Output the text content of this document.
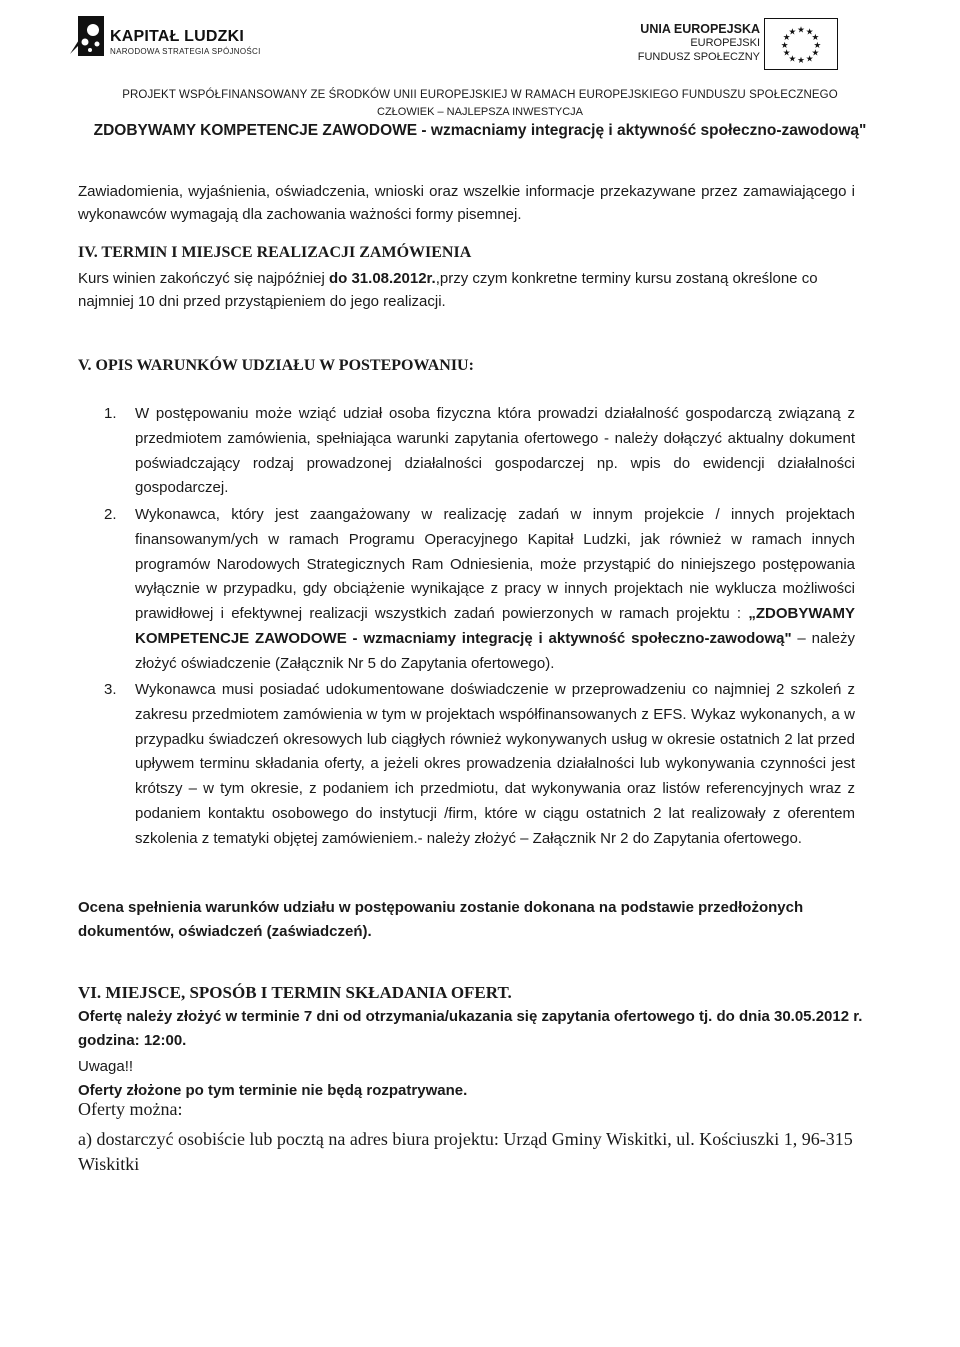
KAPITAŁ LUDZKI
NARODOWA STRATEGIA SPÓJNOŚCI
UNIA EUROPEJSKA
EUROPEJSKI
FUNDUSZ SPOŁECZNY
★ ★
★
★
★
★
★
★
★
★
★
★
PROJEKT WSPÓŁFINANSOWANY ZE ŚRODKÓW UNII EUROPEJSKIEJ W RAMACH EUROPEJSKIEGO FUNDUSZU SPOŁECZNEGO
CZŁOWIEK – NAJLEPSZA INWESTYCJA
ZDOBYWAMY KOMPETENCJE ZAWODOWE - wzmacniamy integrację i aktywność społeczno-zawodową"
Zawiadomienia, wyjaśnienia, oświadczenia, wnioski oraz wszelkie informacje przekazywane przez zamawiającego i wykonawców wymagają dla zachowania ważności formy pisemnej.
IV. TERMIN I MIEJSCE REALIZACJI ZAMÓWIENIA
Kurs winien zakończyć się najpóźniej do 31.08.2012r.,przy czym konkretne terminy kursu zostaną określone co najmniej 10 dni przed przystąpieniem do jego realizacji.
V. OPIS WARUNKÓW UDZIAŁU W POSTEPOWANIU:
1. W postępowaniu może wziąć udział osoba fizyczna która prowadzi działalność gospodarczą związaną z przedmiotem zamówienia, spełniająca warunki zapytania ofertowego - należy dołączyć aktualny dokument poświadczający rodzaj prowadzonej działalności gospodarczej np. wpis do ewidencji działalności gospodarczej.
2. Wykonawca, który jest zaangażowany w realizację zadań w innym projekcie / innych projektach finansowanym/ych w ramach Programu Operacyjnego Kapitał Ludzki, jak również w ramach innych programów Narodowych Strategicznych Ram Odniesienia, może przystąpić do niniejszego postępowania wyłącznie w przypadku, gdy obciążenie wynikające z pracy w innych projektach nie wyklucza możliwości prawidłowej i efektywnej realizacji wszystkich zadań powierzonych w ramach projektu : „ZDOBYWAMY KOMPETENCJE ZAWODOWE - wzmacniamy integrację i aktywność społeczno-zawodową" – należy złożyć oświadczenie (Załącznik Nr 5 do Zapytania ofertowego).
3. Wykonawca musi posiadać udokumentowane doświadczenie w przeprowadzeniu co najmniej 2 szkoleń z zakresu przedmiotem zamówienia w tym w projektach współfinansowanych z EFS. Wykaz wykonanych, a w przypadku świadczeń okresowych lub ciągłych również wykonywanych usług w okresie ostatnich 2 lat przed upływem terminu składania oferty, a jeżeli okres prowadzenia działalności lub wykonywania czynności jest krótszy – w tym okresie, z podaniem ich przedmiotu, dat wykonywania oraz listów referencyjnych wraz z podaniem kontaktu osobowego do instytucji /firm, które w ciągu ostatnich 2 lat realizowały z oferentem szkolenia z tematyki objętej zamówieniem.- należy złożyć – Załącznik Nr 2 do Zapytania ofertowego.
Ocena spełnienia warunków udziału w postępowaniu zostanie dokonana na podstawie przedłożonych dokumentów, oświadczeń (zaświadczeń).
VI. MIEJSCE, SPOSÓB I TERMIN SKŁADANIA OFERT.
Ofertę należy złożyć w terminie 7 dni od otrzymania/ukazania się zapytania ofertowego tj. do dnia 30.05.2012 r. godzina: 12:00.
Uwaga!!
Oferty złożone po tym terminie nie będą rozpatrywane.
Oferty można:
a) dostarczyć osobiście lub pocztą na adres biura projektu: Urząd Gminy Wiskitki, ul. Kościuszki 1, 96-315 Wiskitki
